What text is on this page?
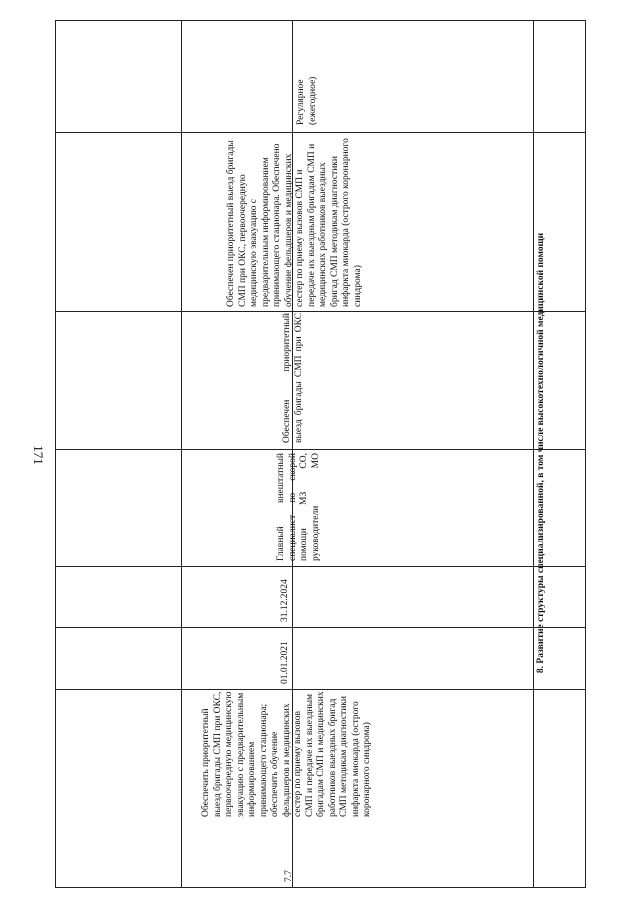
171
Регулярное (ежегодное)
Обеспечен приоритетный выезд бригады СМП при ОКС, первоочередную медицинскую эвакуацию с предварительным информированием принимающего стационара. Обеспечено обучение фельдшеров и медицинских сестер по приему вызовов СМП и передаче их выездным бригадам СМП и медицинских работников выездных бригад СМП методикам диагностики инфаркта миокарда (острого коронарного синдрома)
Обеспечен приоритетный выезд бригады СМП при ОКС
Главный внештатный специалист по скорой помощи МЗ СО, руководители МО
31.12.2024
01.01.2021
Обеспечить приоритетный выезд бригады СМП при ОКС, первоочередную медицинскую эвакуацию с предварительным информированием принимающего стационара; обеспечить обучение фельдшеров и медицинских сестер по приему вызовов СМП и передаче их выездным бригадам СМП и медицинских работников выездных бригад СМП методикам диагностики инфаркта миокарда (острого коронарного синдрома)
7.7
8. Развитие структуры специализированной, в том числе высокотехнологичной медицинской помощи
